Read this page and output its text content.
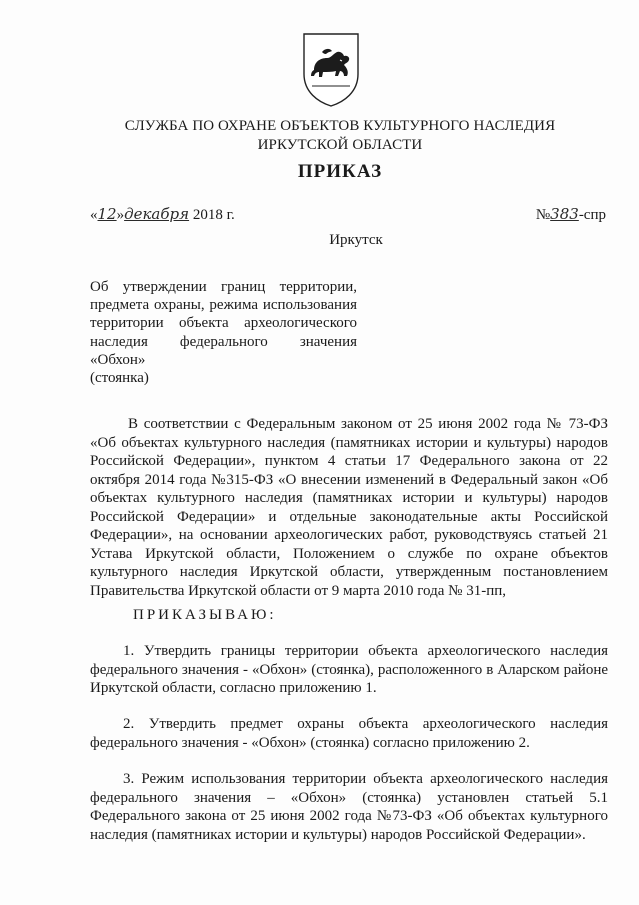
СЛУЖБА ПО ОХРАНЕ ОБЪЕКТОВ КУЛЬТУРНОГО НАСЛЕДИЯ
ИРКУТСКОЙ ОБЛАСТИ
ПРИКАЗ
«12»декабря 2018 г.	№383-спр
Иркутск
Об утверждении границ территории, предмета охраны, режима использования территории объекта археологического наследия федерального значения «Обхон»
(стоянка)
В соответствии с Федеральным законом от 25 июня 2002 года № 73-ФЗ «Об объектах культурного наследия (памятниках истории и культуры) народов Российской Федерации», пунктом 4 статьи 17 Федерального закона от 22 октября 2014 года №315-ФЗ «О внесении изменений в Федеральный закон «Об объектах культурного наследия (памятниках истории и культуры) народов Российской Федерации» и отдельные законодательные акты Российской Федерации», на основании археологических работ, руководствуясь статьей 21 Устава Иркутской области, Положением о службе по охране объектов культурного наследия Иркутской области, утвержденным постановлением Правительства Иркутской области от 9 марта 2010 года № 31-пп,
ПРИКАЗЫВАЮ:
1. Утвердить границы территории объекта археологического наследия федерального значения - «Обхон» (стоянка), расположенного в Аларском районе Иркутской области, согласно приложению 1.
2. Утвердить предмет охраны объекта археологического наследия федерального значения - «Обхон» (стоянка) согласно приложению 2.
3. Режим использования территории объекта археологического наследия федерального значения – «Обхон» (стоянка) установлен статьей 5.1 Федерального закона от 25 июня 2002 года №73-ФЗ «Об объектах культурного наследия (памятниках истории и культуры) народов Российской Федерации».
